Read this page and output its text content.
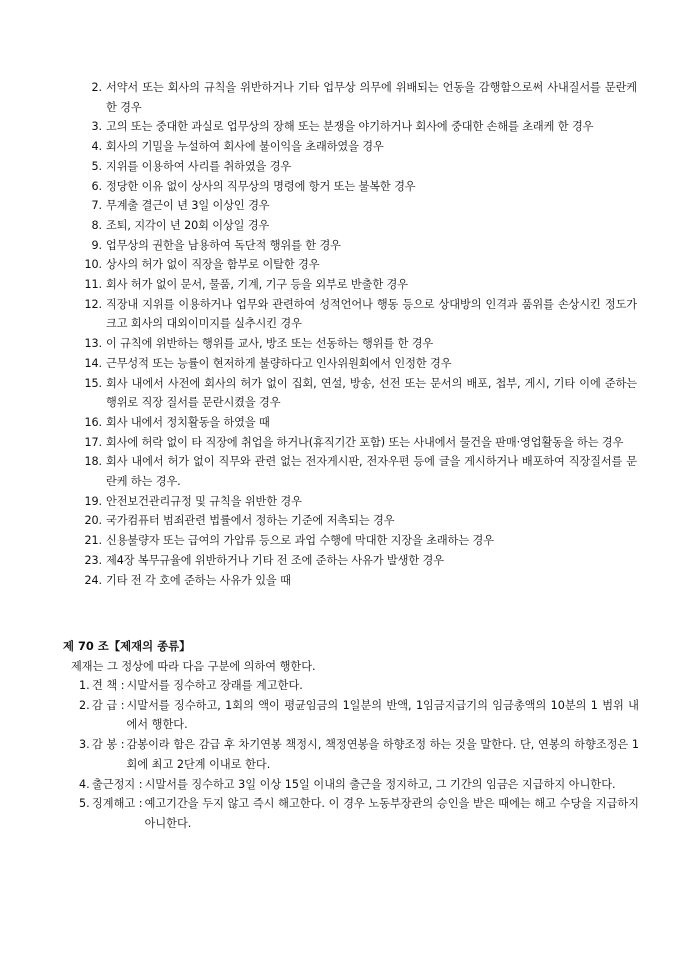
2. 서약서 또는 회사의 규칙을 위반하거나 기타 업무상 의무에 위배되는 언동을 감행함으로써 사내질서를 문란케 한 경우
3. 고의 또는 중대한 과실로 업무상의 장해 또는 분쟁을 야기하거나 회사에 중대한 손해를 초래케 한 경우
4. 회사의 기밀을 누설하여 회사에 불이익을 초래하였을 경우
5. 지위를 이용하여 사리를 취하였을 경우
6. 정당한 이유 없이 상사의 직무상의 명령에 항거 또는 불복한 경우
7. 무계출 결근이 년 3일 이상인 경우
8. 조퇴, 지각이 년 20회 이상일 경우
9. 업무상의 권한을 남용하여 독단적 행위를 한 경우
10. 상사의 허가 없이 직장을 함부로 이탈한 경우
11. 회사 허가 없이 문서, 물품, 기계, 기구 등을 외부로 반출한 경우
12. 직장내 지위를 이용하거나 업무와 관련하여 성적언어나 행동 등으로 상대방의 인격과 품위를 손상시킨 정도가 크고 회사의 대외이미지를 실추시킨 경우
13. 이 규칙에 위반하는 행위를 교사, 방조 또는 선동하는 행위를 한 경우
14. 근무성적 또는 능률이 현저하게 불량하다고 인사위원회에서 인정한 경우
15. 회사 내에서 사전에 회사의 허가 없이 집회, 연설, 방송, 선전 또는 문서의 배포, 첩부, 게시, 기타 이에 준하는 행위로 직장 질서를 문란시켰을 경우
16. 회사 내에서 정치활동을 하였을 때
17. 회사에 허락 없이 타 직장에 취업을 하거나(휴직기간 포함) 또는 사내에서 물건을 판매·영업활동을 하는 경우
18. 회사 내에서 허가 없이 직무와 관련 없는 전자게시판, 전자우편 등에 글을 게시하거나 배포하여 직장질서를 문란케 하는 경우.
19. 안전보건관리규정 및 규칙을 위반한 경우
20. 국가컴퓨터 범죄관련 법률에서 정하는 기준에 저촉되는 경우
21. 신용불량자 또는 급여의 가압류 등으로 과업 수행에 막대한 지장을 초래하는 경우
23. 제4장 복무규율에 위반하거나 기타 전 조에 준하는 사유가 발생한 경우
24. 기타 전 각 호에 준하는 사유가 있을 때
제 70 조【제재의 종류】
제재는 그 정상에 따라 다음 구분에 의하여 행한다.
1. 견 책 : 시말서를 징수하고 장래를 계고한다.
2. 감 급 : 시말서를 징수하고, 1회의 액이 평균임금의 1일분의 반액, 1임금지급기의 임금총액의 10분의 1 범위 내에서 행한다.
3. 감 봉 : 감봉이라 함은 감급 후 차기연봉 책정시, 책정연봉을 하향조정 하는 것을 말한다. 단, 연봉의 하향조정은 1회에 최고 2단계 이내로 한다.
4. 출근정지 : 시말서를 징수하고 3일 이상 15일 이내의 출근을 정지하고, 그 기간의 임금은 지급하지 아니한다.
5. 징계해고 : 예고기간을 두지 않고 즉시 해고한다. 이 경우 노동부장관의 승인을 받은 때에는 해고 수당을 지급하지 아니한다.
